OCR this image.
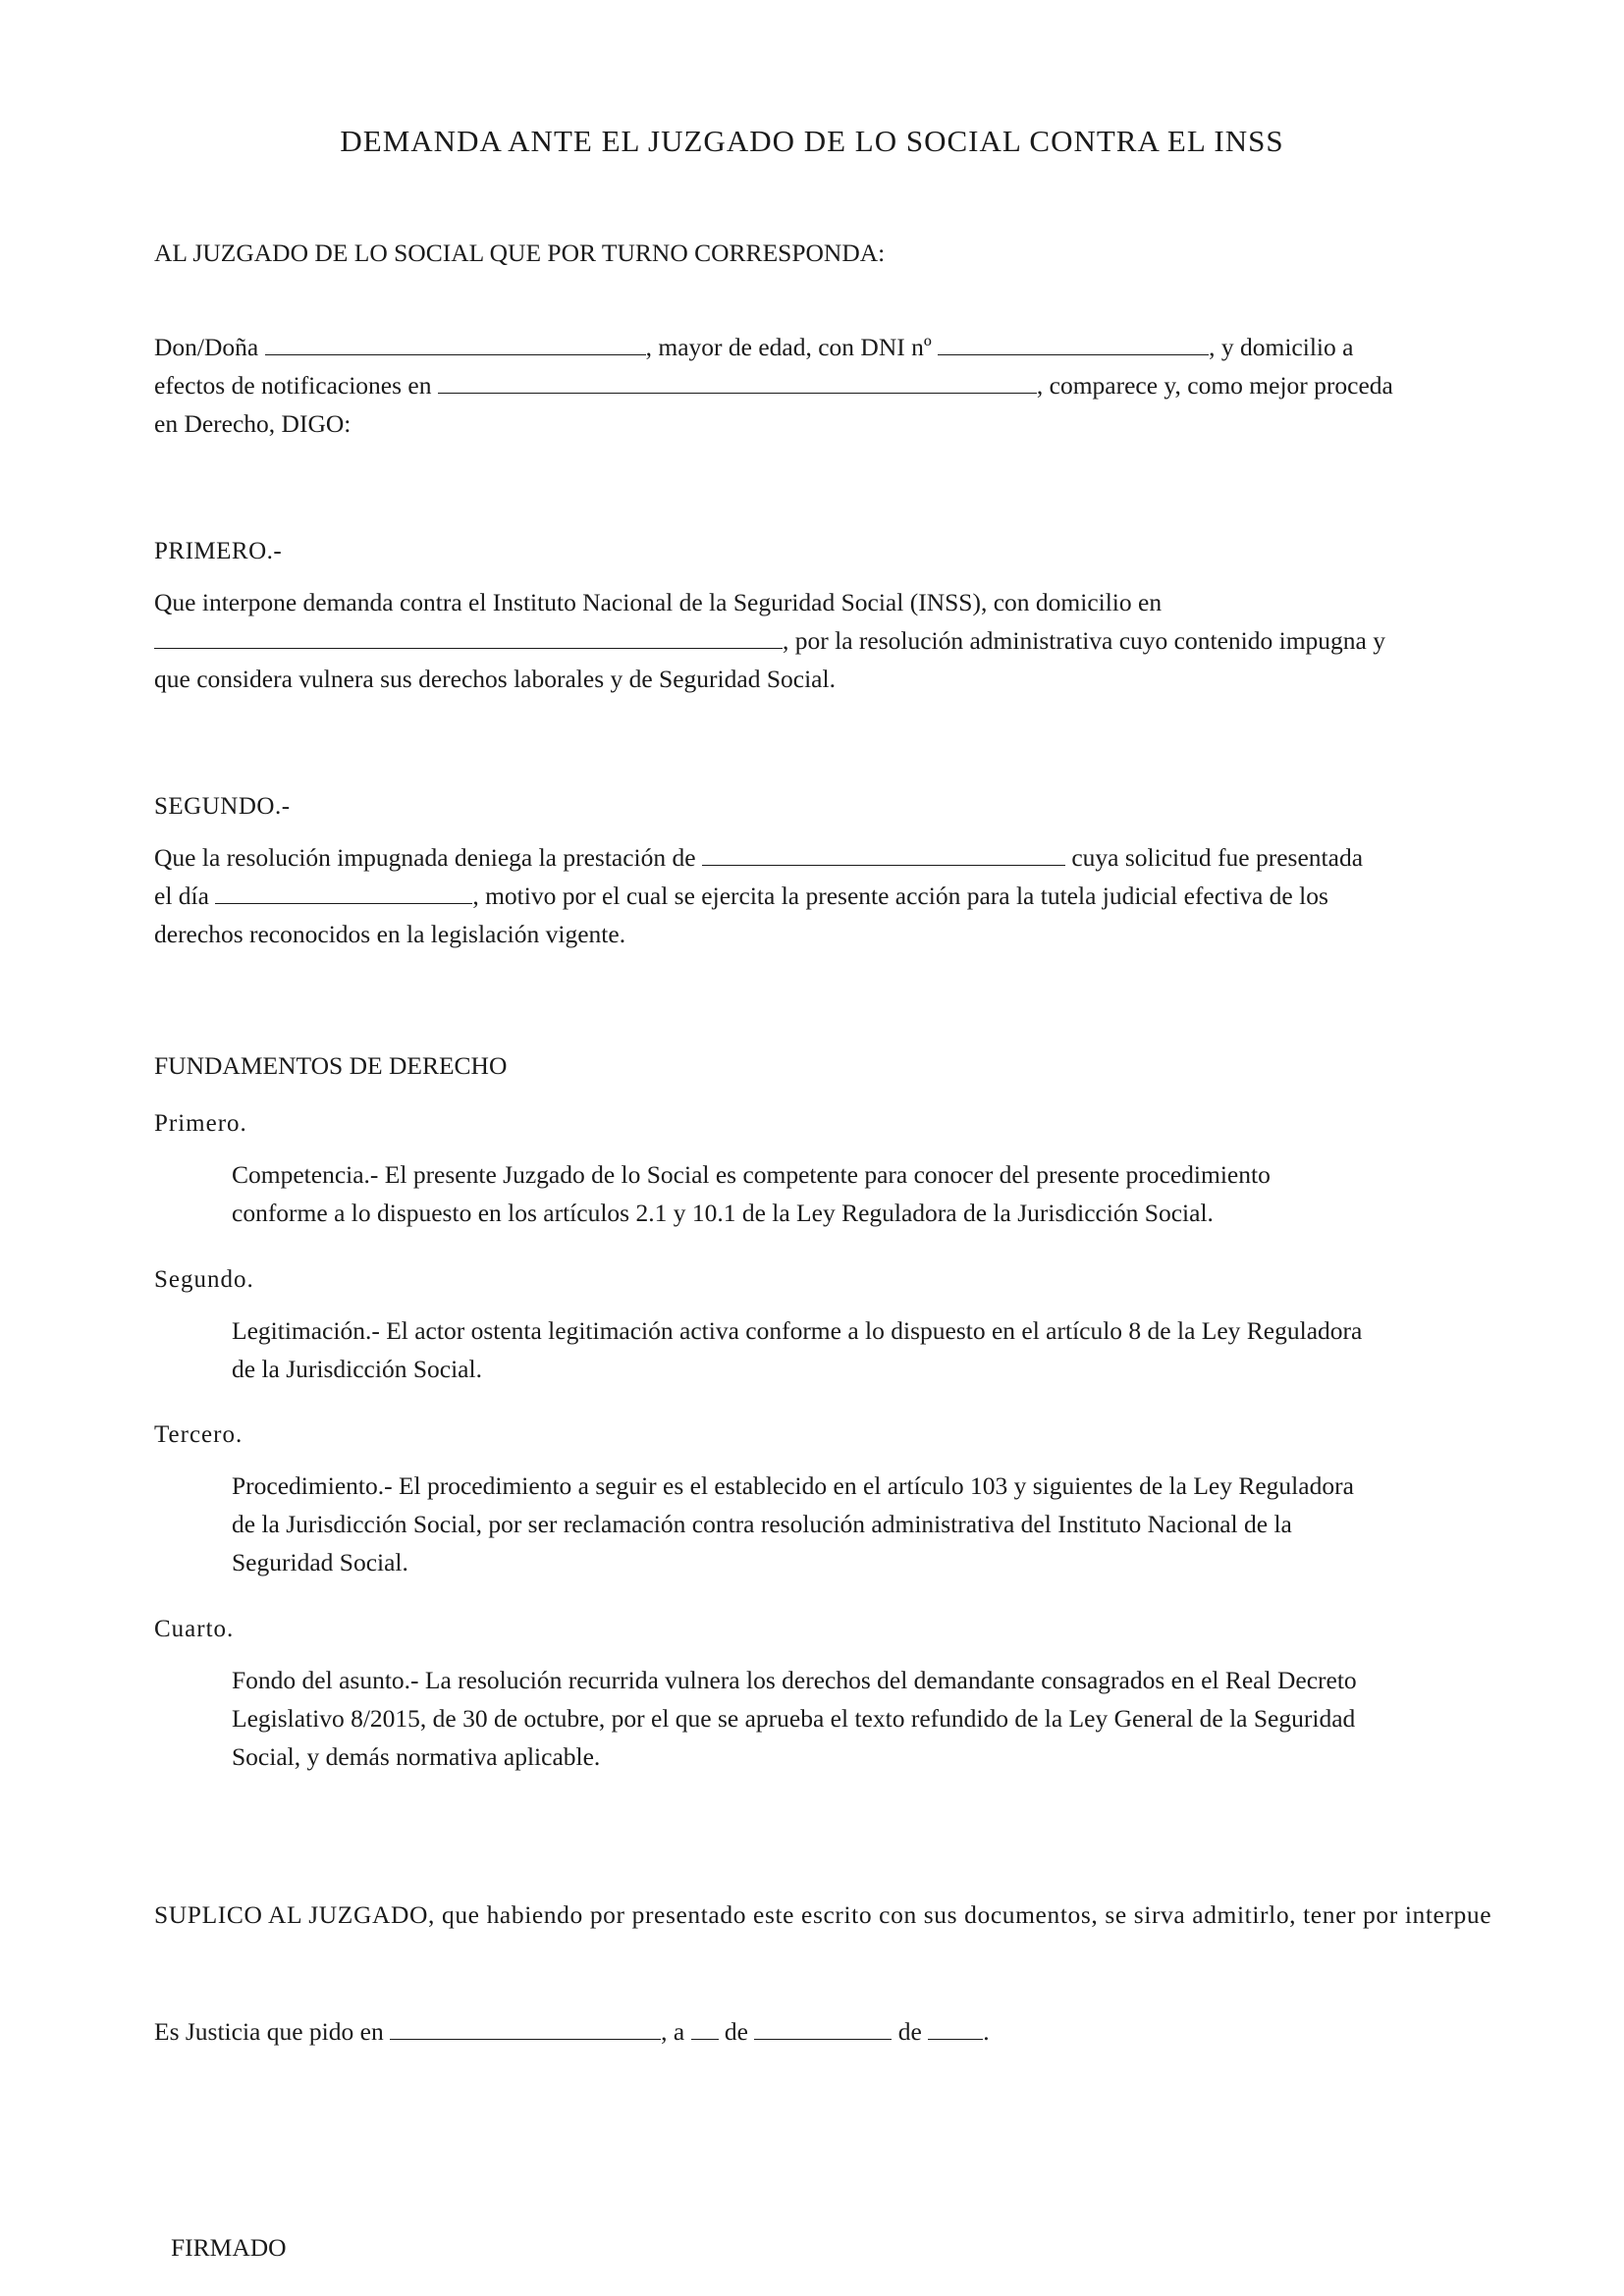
DEMANDA ANTE EL JUZGADO DE LO SOCIAL CONTRA EL INSS
AL JUZGADO DE LO SOCIAL QUE POR TURNO CORRESPONDA:
Don/Doña	, mayor de edad, con DNI nº	, y domicilio a
efectos de notificaciones en	, comparece y, como mejor proceda
en Derecho, DIGO:
PRIMERO.-
Que interpone demanda contra el Instituto Nacional de la Seguridad Social (INSS), con domicilio en
, por la resolución administrativa cuyo contenido impugna y
que considera vulnera sus derechos laborales y de Seguridad Social.
SEGUNDO.-
Que la resolución impugnada deniega la prestación de	cuya solicitud fue presentada
el día	, motivo por el cual se ejercita la presente acción para la tutela judicial efectiva de los
derechos reconocidos en la legislación vigente.
FUNDAMENTOS DE DERECHO
Primero.
Competencia.- El presente Juzgado de lo Social es competente para conocer del presente procedimiento
conforme a lo dispuesto en los artículos 2.1 y 10.1 de la Ley Reguladora de la Jurisdicción Social.
Segundo.
Legitimación.- El actor ostenta legitimación activa conforme a lo dispuesto en el artículo 8 de la Ley Reguladora
de la Jurisdicción Social.
Tercero.
Procedimiento.- El procedimiento a seguir es el establecido en el artículo 103 y siguientes de la Ley Reguladora
de la Jurisdicción Social, por ser reclamación contra resolución administrativa del Instituto Nacional de la
Seguridad Social.
Cuarto.
Fondo del asunto.- La resolución recurrida vulnera los derechos del demandante consagrados en el Real Decreto
Legislativo 8/2015, de 30 de octubre, por el que se aprueba el texto refundido de la Ley General de la Seguridad
Social, y demás normativa aplicable.
SUPLICO AL JUZGADO, que habiendo por presentado este escrito con sus documentos, se sirva admitirlo, tener por interpue
Es Justicia que pido en	, a de	de .
FIRMADO
